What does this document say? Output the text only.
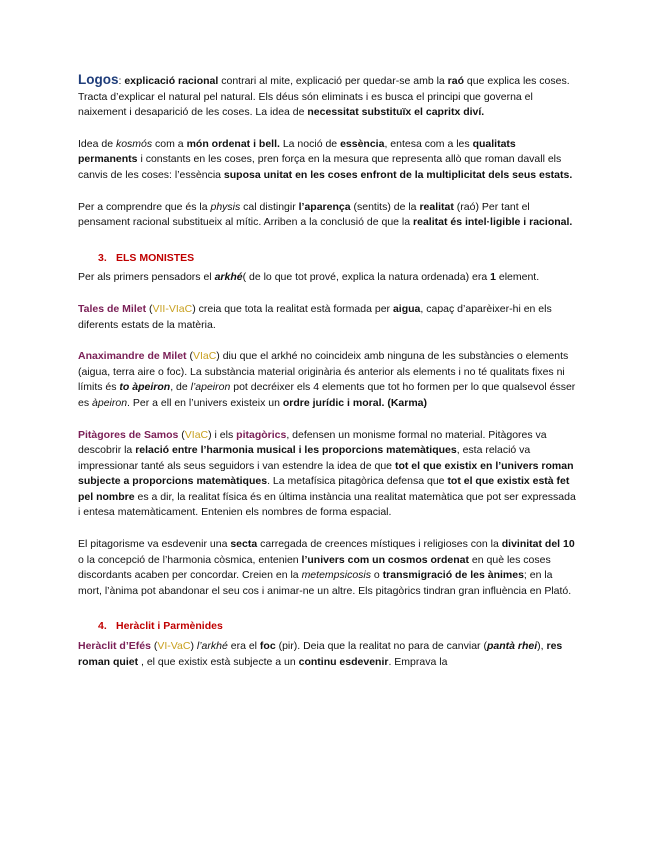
Logos: explicació racional contrari al mite, explicació per quedar-se amb la raó que explica les coses. Tracta d’explicar el natural pel natural. Els déus són eliminats i es busca el principi que governa el naixement i desaparició de les coses. La idea de necessitat substituïx el capritx diví.

Idea de kosmós com a món ordenat i bell. La noció de essència, entesa com a les qualitats permanents i constants en les coses, pren força en la mesura que representa allò que roman davall els canvis de les coses: l’essència suposa unitat en les coses enfront de la multiplicitat dels seus estats.

Per a comprendre que és la physis cal distingir l’aparença (sentits) de la realitat (raó) Per tant el pensament racional substitueix al mític. Arriben a la conclusió de que la realitat és intel·ligible i racional.

3. ELS MONISTES

Per als primers pensadors el arkhé( de lo que tot prové, explica la natura ordenada) era 1 element.

Tales de Milet (VII-VIaC) creia que tota la realitat està formada per aigua, capaç d’aparèixer-hi en els diferents estats de la matèria.

Anaximandre de Milet (VIaC) diu que el arkhé no coincideix amb ninguna de les substàncies o elements (aigua, terra aire o foc). La substància material originària és anterior als elements i no té qualitats fixes ni límits és to àpeiron, de l’apeiron pot decréixer els 4 elements que tot ho formen per lo que qualsevol ésser es àpeiron. Per a ell en l’univers existeix un ordre jurídic i moral. (Karma)

Pitàgores de Samos (VIaC) i els pitagòrics, defensen un monisme formal no material. Pitàgores va descobrir la relació entre l’harmonia musical i les proporcions matemàtiques, esta relació va impressionar tanté als seus seguidors i van estendre la idea de que tot el que existix en l’univers roman subjecte a proporcions matemàtiques. La metafísica pitagòrica defensa que tot el que existix està fet pel nombre es a dir, la realitat física és en última instància una realitat matemàtica que pot ser expressada i entesa matemàticament. Entenien els nombres de forma espacial.

El pitagorisme va esdevenir una secta carregada de creences místiques i religioses con la divinitat del 10 o la concepció de l’harmonia còsmica, entenien l’univers com un cosmos ordenat en què les coses discordants acaben per concordar. Creien en la metempsicosis o transmigració de les ànimes; en la mort, l’ànima pot abandonar el seu cos i animar-ne un altre. Els pitagòrics tindran gran influència en Plató.

4. Heràclit i Parmènides

Heràclit d’Efés (VI-VaC) l’arkhé era el foc (pir). Deia que la realitat no para de canviar (pantà rhei), res roman quiet , el que existix està subjecte a un continu esdevenir. Emprava la
